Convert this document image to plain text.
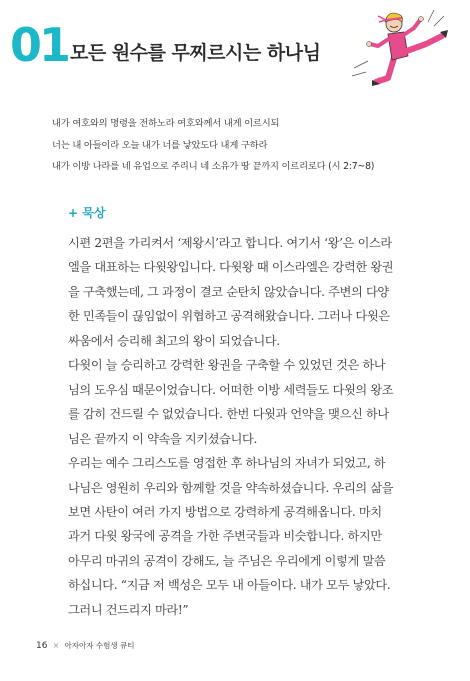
01 모든 원수를 무찌르시는 하나님
내가 여호와의 명령을 전하노라 여호와께서 내게 이르시되
너는 내 아들이라 오늘 내가 너를 낳았도다 내게 구하라
내가 이방 나라를 네 유업으로 주리니 네 소유가 땅 끝까지 이르리로다 (시 2:7~8)
+ 묵상
시편 2편을 가리켜서 ‘제왕시’라고 합니다. 여기서 ‘왕’은 이스라
엘을 대표하는 다윗왕입니다. 다윗왕 때 이스라엘은 강력한 왕권
을 구축했는데, 그 과정이 결코 순탄치 않았습니다. 주변의 다양
한 민족들이 끊임없이 위협하고 공격해왔습니다. 그러나 다윗은
싸움에서 승리해 최고의 왕이 되었습니다.
다윗이 늘 승리하고 강력한 왕권을 구축할 수 있었던 것은 하나
님의 도우심 때문이었습니다. 어떠한 이방 세력들도 다윗의 왕조
를 감히 건드릴 수 없었습니다. 한번 다윗과 언약을 맺으신 하나
님은 끝까지 이 약속을 지키셨습니다.
우리는 예수 그리스도를 영접한 후 하나님의 자녀가 되었고, 하
나님은 영원히 우리와 함께할 것을 약속하셨습니다. 우리의 삶을
보면 사탄이 여러 가지 방법으로 강력하게 공격해옵니다. 마치
과거 다윗 왕국에 공격을 가한 주변국들과 비슷합니다. 하지만
아무리 마귀의 공격이 강해도, 늘 주님은 우리에게 이렇게 말씀
하십니다. “지금 저 백성은 모두 내 아들이다. 내가 모두 낳았다.
그러니 건드리지 마라!”
16 × 아자아자 수험생 큐티
